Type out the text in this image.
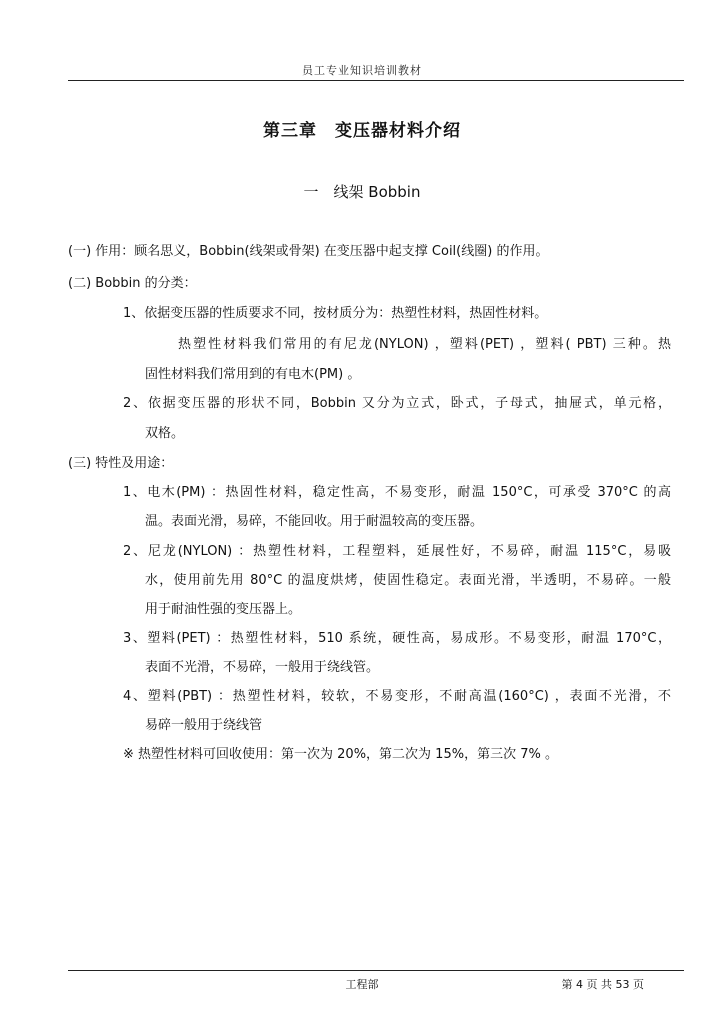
员工专业知识培训教材
第三章　变压器材料介绍
一　线架 Bobbin
(一) 作用：顾名思义，Bobbin(线架或骨架) 在变压器中起支撑 Coil(线圈) 的作用。
(二) Bobbin 的分类：
1、依据变压器的性质要求不同，按材质分为：热塑性材料，热固性材料。
热塑性材料我们常用的有尼龙(NYLON) ，塑料(PET) ，塑料( PBT) 三种。热
固性材料我们常用到的有电木(PM) 。
2、依据变压器的形状不同，Bobbin 又分为立式，卧式，子母式，抽屉式，单元格，
双格。
(三) 特性及用途：
1、电木(PM) ：热固性材料，稳定性高，不易变形，耐温 150°C，可承受 370°C 的高
温。表面光滑，易碎，不能回收。用于耐温较高的变压器。
2、尼龙(NYLON) ：热塑性材料，工程塑料，延展性好，不易碎，耐温 115°C，易吸
水，使用前先用 80°C 的温度烘烤，使固性稳定。表面光滑，半透明，不易碎。一般
用于耐油性强的变压器上。
3、塑料(PET) ：热塑性材料，510 系统，硬性高，易成形。不易变形，耐温 170°C，
表面不光滑，不易碎，一般用于绕线管。
4、塑料(PBT) ：热塑性材料，较软，不易变形，不耐高温(160°C) ，表面不光滑，不
易碎一般用于绕线管
※ 热塑性材料可回收使用：第一次为 20%，第二次为 15%，第三次 7% 。
工程部	第 4 页 共 53 页
